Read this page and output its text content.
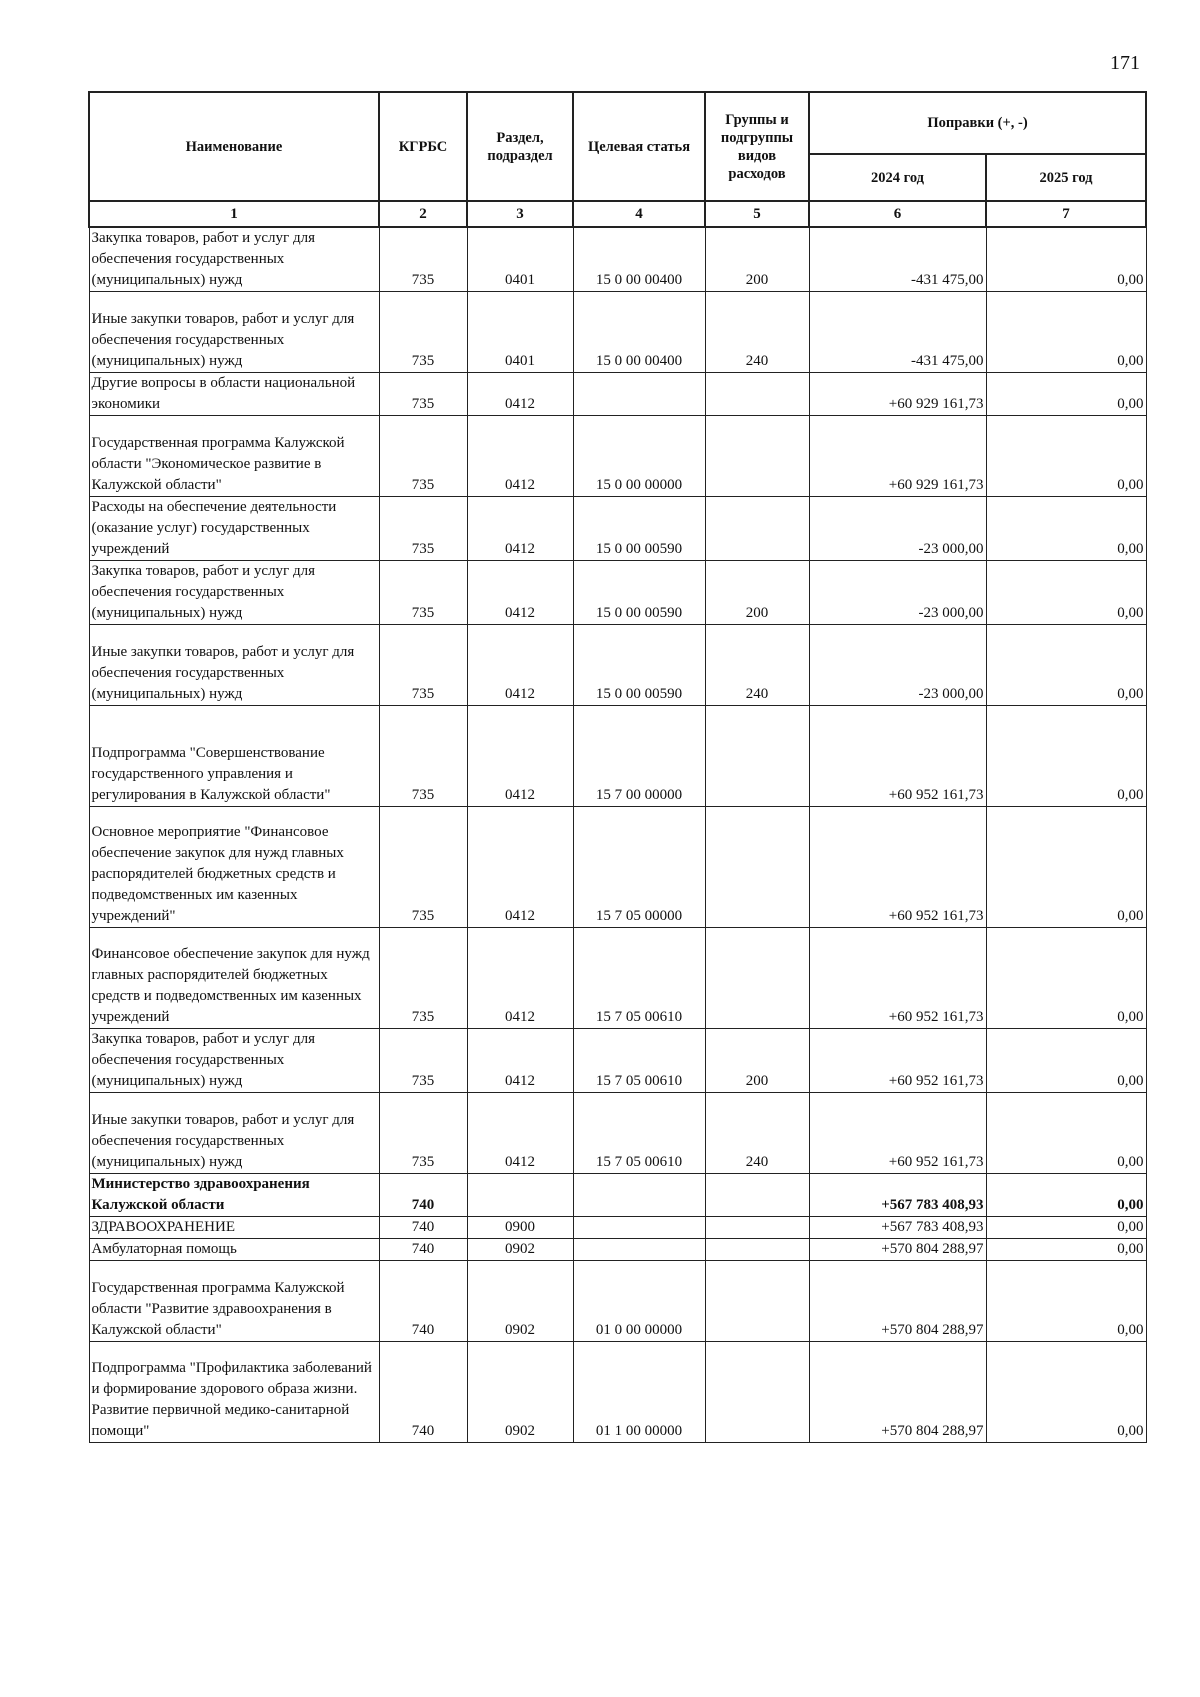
171
Наименование	КГРБС	Раздел, подраздел	Целевая статья	Группы и подгруппы видов расходов	Поправки (+, -)	
					2024 год	2025 год
1	2	3	4	5	6	7
Закупка товаров, работ и услуг для обеспечения государственных (муниципальных) нужд	735	0401	15 0 00 00400	200	-431 475,00	0,00
Иные закупки товаров, работ и услуг для обеспечения государственных (муниципальных) нужд	735	0401	15 0 00 00400	240	-431 475,00	0,00
Другие вопросы в области национальной экономики	735	0412			+60 929 161,73	0,00
Государственная программа Калужской области "Экономическое развитие в Калужской области"	735	0412	15 0 00 00000		+60 929 161,73	0,00
Расходы на обеспечение деятельности (оказание услуг) государственных учреждений	735	0412	15 0 00 00590		-23 000,00	0,00
Закупка товаров, работ и услуг для обеспечения государственных (муниципальных) нужд	735	0412	15 0 00 00590	200	-23 000,00	0,00
Иные закупки товаров, работ и услуг для обеспечения государственных (муниципальных) нужд	735	0412	15 0 00 00590	240	-23 000,00	0,00
Подпрограмма "Совершенствование государственного управления и регулирования в Калужской области"	735	0412	15 7 00 00000		+60 952 161,73	0,00
Основное мероприятие "Финансовое обеспечение закупок для нужд главных распорядителей бюджетных средств и подведомственных им казенных учреждений"	735	0412	15 7 05 00000		+60 952 161,73	0,00
Финансовое обеспечение закупок для нужд главных распорядителей бюджетных средств и подведомственных им казенных учреждений	735	0412	15 7 05 00610		+60 952 161,73	0,00
Закупка товаров, работ и услуг для обеспечения государственных (муниципальных) нужд	735	0412	15 7 05 00610	200	+60 952 161,73	0,00
Иные закупки товаров, работ и услуг для обеспечения государственных (муниципальных) нужд	735	0412	15 7 05 00610	240	+60 952 161,73	0,00
Министерство здравоохранения Калужской области	740				+567 783 408,93	0,00
ЗДРАВООХРАНЕНИЕ	740	0900			+567 783 408,93	0,00
Амбулаторная помощь	740	0902			+570 804 288,97	0,00
Государственная программа Калужской области "Развитие здравоохранения в Калужской области"	740	0902	01 0 00 00000		+570 804 288,97	0,00
Подпрограмма "Профилактика заболеваний и формирование здорового образа жизни. Развитие первичной медико-санитарной помощи"	740	0902	01 1 00 00000		+570 804 288,97	0,00
